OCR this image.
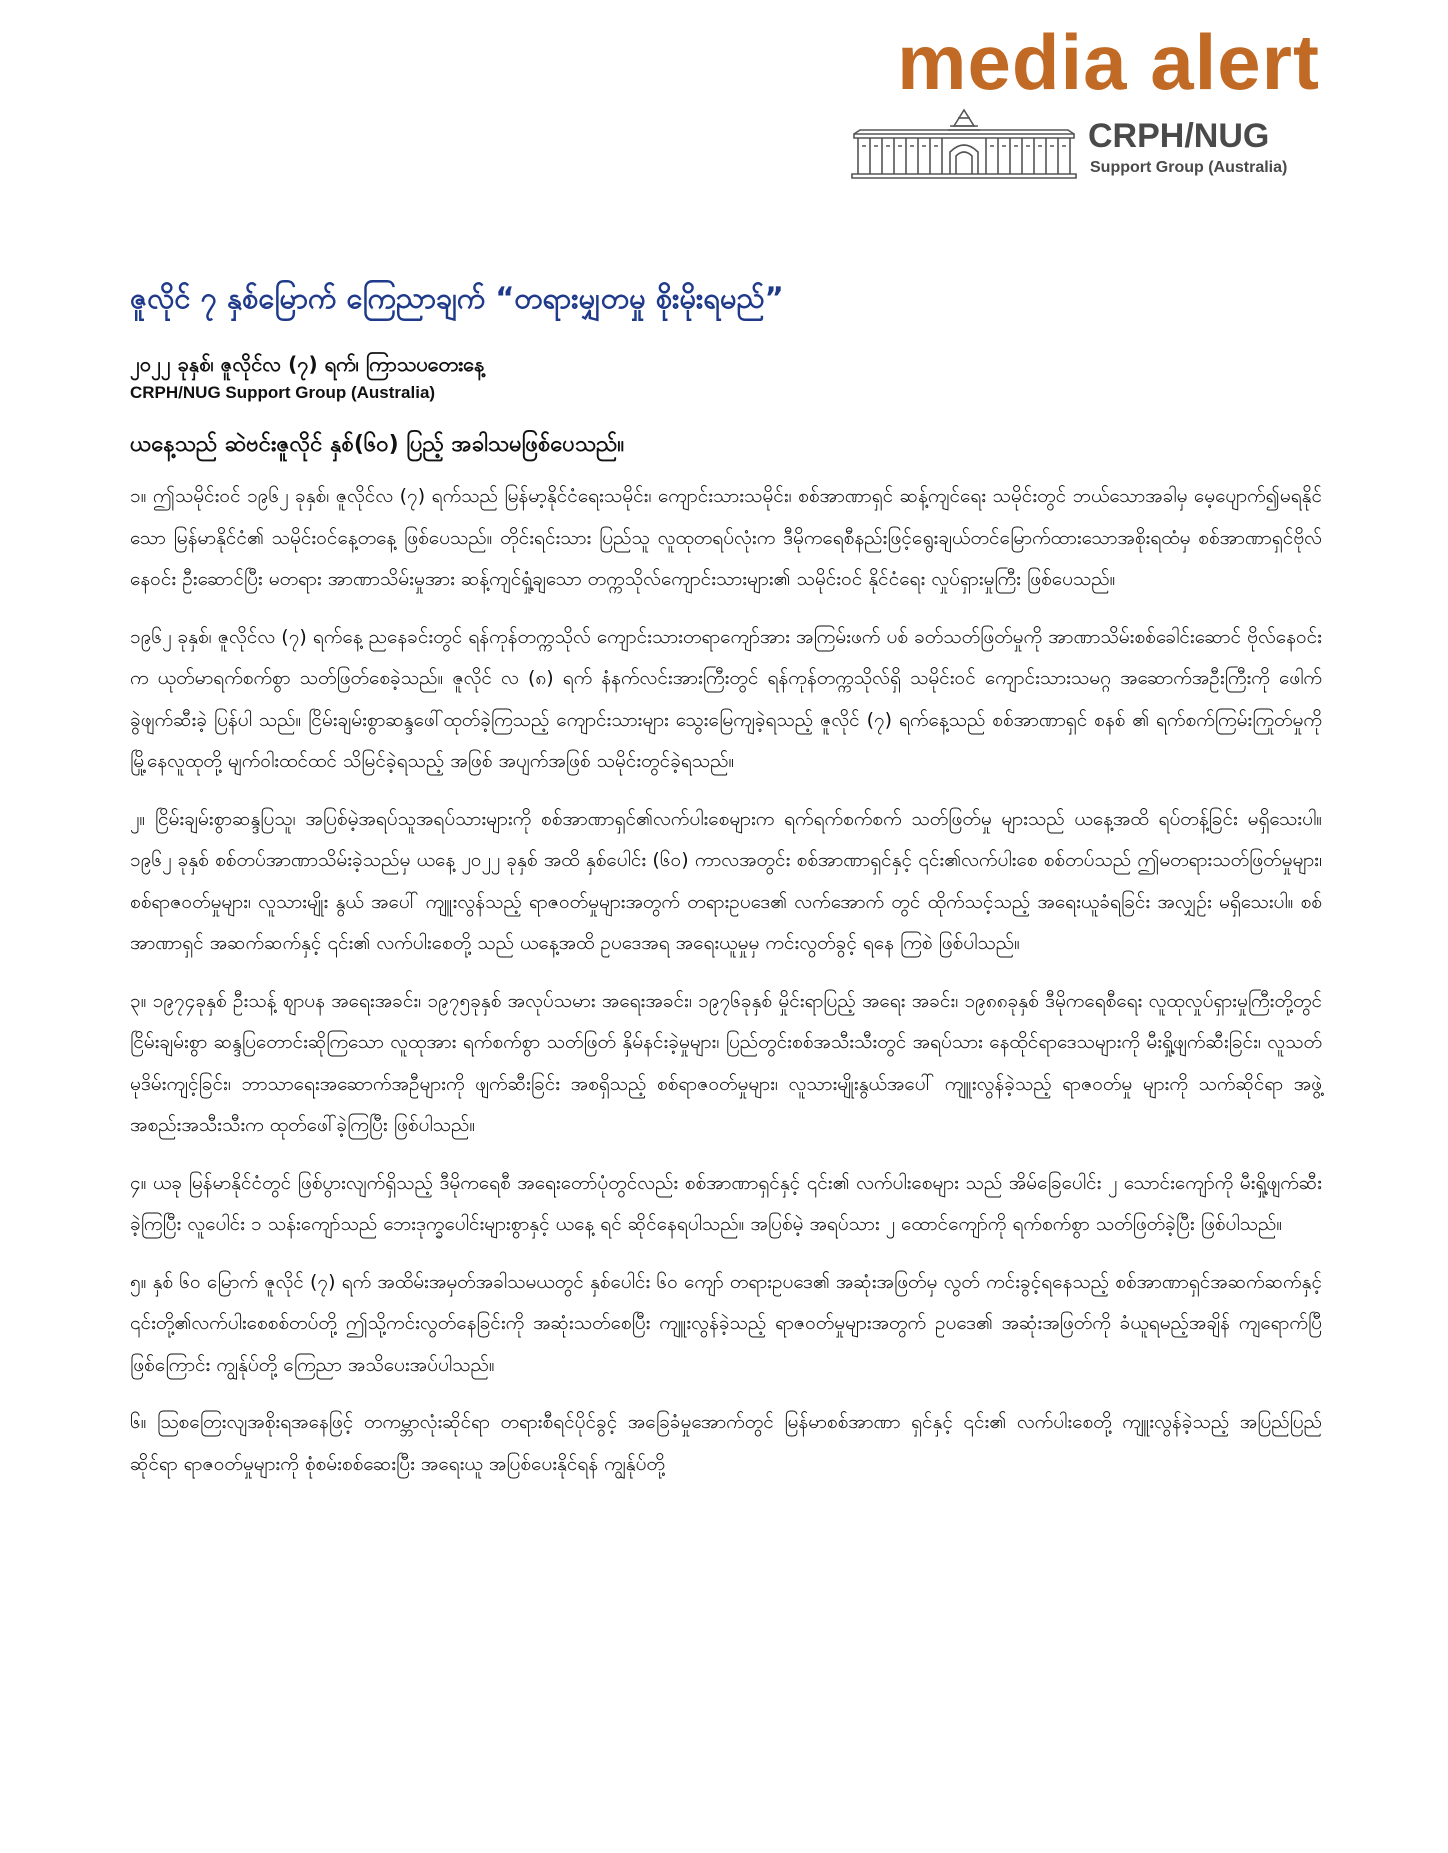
media alert
CRPH/NUG
Support Group (Australia)
ဇူလိုင် ၇ နှစ်မြောက် ကြေညာချက် “တရားမျှတမှု စိုးမိုးရမည်”

၂၀၂၂ ခုနှစ်၊ ဇူလိုင်လ (၇) ရက်၊ ကြာသပတေးနေ့

CRPH/NUG Support Group (Australia)

ယနေ့သည် ဆဲဗင်းဇူလိုင် နှစ်(၆၀) ပြည့် အခါသမဖြစ်ပေသည်။

၁။ ဤသမိုင်းဝင် ၁၉၆၂ ခုနှစ်၊ ဇူလိုင်လ (၇) ရက်သည် မြန်မာ့နိုင်ငံရေးသမိုင်း၊ ကျောင်းသားသမိုင်း၊ စစ်အာဏာရှင် ဆန့်ကျင်ရေး သမိုင်းတွင် ဘယ်သောအခါမှ မေ့ပျောက်၍မရနိုင်သော မြန်မာနိုင်ငံ၏ သမိုင်းဝင်နေ့တနေ့ ဖြစ်ပေသည်။ တိုင်းရင်းသား ပြည်သူ လူထုတရပ်လုံးက ဒီမိုကရေစီနည်းဖြင့်ရွေးချယ်တင်မြောက်ထားသောအစိုးရထံမှ စစ်အာဏာရှင်ဗိုလ်နေဝင်း ဦးဆောင်ပြီး မတရား အာဏာသိမ်းမှုအား ဆန့်ကျင်ရှုံ့ချသော တက္ကသိုလ်ကျောင်းသားများ၏ သမိုင်းဝင် နိုင်ငံရေး လှုပ်ရှားမှုကြီး ဖြစ်ပေသည်။

၁၉၆၂ ခုနှစ်၊ ဇူလိုင်လ (၇) ရက်နေ့ ညနေခင်းတွင် ရန်ကုန်တက္ကသိုလ် ကျောင်းသားတရာကျော်အား အကြမ်းဖက် ပစ် ခတ်သတ်ဖြတ်မှုကို အာဏာသိမ်းစစ်ခေါင်းဆောင် ဗိုလ်နေဝင်းက ယုတ်မာရက်စက်စွာ သတ်ဖြတ်စေခဲ့သည်။ ဇူလိုင် လ (၈) ရက် နံနက်လင်းအားကြီးတွင် ရန်ကုန်တက္ကသိုလ်ရှိ သမိုင်းဝင် ကျောင်းသားသမဂ္ဂ အဆောက်အဦးကြီးကို ဖေါက်ခွဲဖျက်ဆီးခဲ့ ပြန်ပါ သည်။ ငြိမ်းချမ်းစွာဆန္ဒဖေါ်ထုတ်ခဲ့ကြသည့် ကျောင်းသားများ သွေးမြေကျခဲ့ရသည့် ဇူလိုင် (၇) ရက်နေ့သည် စစ်အာဏာရှင် စနစ် ၏ ရက်စက်ကြမ်းကြုတ်မှုကို မြို့နေလူထုတို့ မျက်ဝါးထင်ထင် သိမြင်ခဲ့ရသည့် အဖြစ် အပျက်အဖြစ် သမိုင်းတွင်ခဲ့ရသည်။

၂။ ငြိမ်းချမ်းစွာဆန္ဒပြသူ၊ အပြစ်မဲ့အရပ်သူအရပ်သားများကို စစ်အာဏာရှင်၏လက်ပါးစေများက ရက်ရက်စက်စက် သတ်ဖြတ်မှု များသည် ယနေ့အထိ ရပ်တန့်ခြင်း မရှိသေးပါ။ ၁၉၆၂ ခုနှစ် စစ်တပ်အာဏာသိမ်းခဲ့သည်မှ ယနေ့ ၂၀၂၂ ခုနှစ် အထိ နှစ်ပေါင်း (၆၀) ကာလအတွင်း စစ်အာဏာရှင်နှင့် ၎င်း၏လက်ပါးစေ စစ်တပ်သည် ဤမတရားသတ်ဖြတ်မှုများ၊ စစ်ရာဇဝတ်မှုများ၊ လူသားမျိုး နွယ် အပေါ် ကျူးလွန်သည့် ရာဇဝတ်မှုများအတွက် တရားဥပဒေ၏ လက်အောက် တွင် ထိုက်သင့်သည့် အရေးယူခံရခြင်း အလျှဉ်း မရှိသေးပါ။ စစ်အာဏာရှင် အဆက်ဆက်နှင့် ၎င်း၏ လက်ပါးစေတို့ သည် ယနေ့အထိ ဥပဒေအရ အရေးယူမှုမှ ကင်းလွတ်ခွင့် ရနေ ကြစဲ ဖြစ်ပါသည်။

၃။ ၁၉၇၄ခုနှစ် ဦးသန့် စျာပန အရေးအခင်း၊ ၁၉၇၅ခုနှစ် အလုပ်သမား အရေးအခင်း၊ ၁၉၇၆ခုနှစ် မှိုင်းရာပြည့် အရေး အခင်း၊ ၁၉၈၈ခုနှစ် ဒီမိုကရေစီရေး လူထုလှုပ်ရှားမှုကြီးတို့တွင် ငြိမ်းချမ်းစွာ ဆန္ဒပြတောင်းဆိုကြသော လူထုအား ရက်စက်စွာ သတ်ဖြတ် နှိမ်နင်းခဲ့မှုများ၊ ပြည်တွင်းစစ်အသီးသီးတွင် အရပ်သား နေထိုင်ရာဒေသများကို မီးရှို့ဖျက်ဆီးခြင်း၊ လူသတ် မုဒိမ်းကျင့်ခြင်း၊ ဘာသာရေးအဆောက်အဦများကို ဖျက်ဆီးခြင်း အစရှိသည့် စစ်ရာဇဝတ်မှုများ၊ လူသားမျိုးနွယ်အပေါ် ကျူးလွန်ခဲ့သည့် ရာဇဝတ်မှု များကို သက်ဆိုင်ရာ အဖွဲ့အစည်းအသီးသီးက ထုတ်ဖေါ်ခဲ့ကြပြီး ဖြစ်ပါသည်။

၄။ ယခု မြန်မာနိုင်ငံတွင် ဖြစ်ပွားလျက်ရှိသည့် ဒီမိုကရေစီ အရေးတော်ပုံတွင်လည်း စစ်အာဏာရှင်နှင့် ၎င်း၏ လက်ပါးစေများ သည် အိမ်ခြေပေါင်း ၂ သောင်းကျော်ကို မီးရှို့ဖျက်ဆီးခဲ့ကြပြီး လူပေါင်း ၁ သန်းကျော်သည် ဘေးဒုက္ခပေါင်းများစွာနှင့် ယနေ့ ရင် ဆိုင်နေရပါသည်။ အပြစ်မဲ့ အရပ်သား ၂ ထောင်ကျော်ကို ရက်စက်စွာ သတ်ဖြတ်ခဲ့ပြီး ဖြစ်ပါသည်။

၅။ နှစ် ၆၀ မြောက် ဇူလိုင် (၇) ရက် အထိမ်းအမှတ်အခါသမယတွင် နှစ်ပေါင်း ၆၀ ကျော် တရားဥပဒေ၏ အဆုံးအဖြတ်မှ လွတ် ကင်းခွင့်ရနေသည့် စစ်အာဏာရှင်အဆက်ဆက်နှင့် ၎င်းတို့၏လက်ပါးစေစစ်တပ်တို့ ဤသို့ကင်းလွတ်နေခြင်းကို အဆုံးသတ်စေပြီး ကျူးလွန်ခဲ့သည့် ရာဇဝတ်မှုများအတွက် ဥပဒေ၏ အဆုံးအဖြတ်ကို ခံယူရမည့်အချိန် ကျရောက်ပြီဖြစ်ကြောင်း ကျွန်ုပ်တို့ ကြေညာ အသိပေးအပ်ပါသည်။

၆။ သြစတြေးလျအစိုးရအနေဖြင့် တကမ္ဘာလုံးဆိုင်ရာ တရားစီရင်ပိုင်ခွင့် အခြေခံမှုအောက်တွင် မြန်မာစစ်အာဏာ ရှင်နှင့် ၎င်း၏ လက်ပါးစေတို့ ကျူးလွန်ခဲ့သည့် အပြည်ပြည်ဆိုင်ရာ ရာဇဝတ်မှုများကို စုံစမ်းစစ်ဆေးပြီး အရေးယူ အပြစ်ပေးနိုင်ရန် ကျွန်ုပ်တို့
